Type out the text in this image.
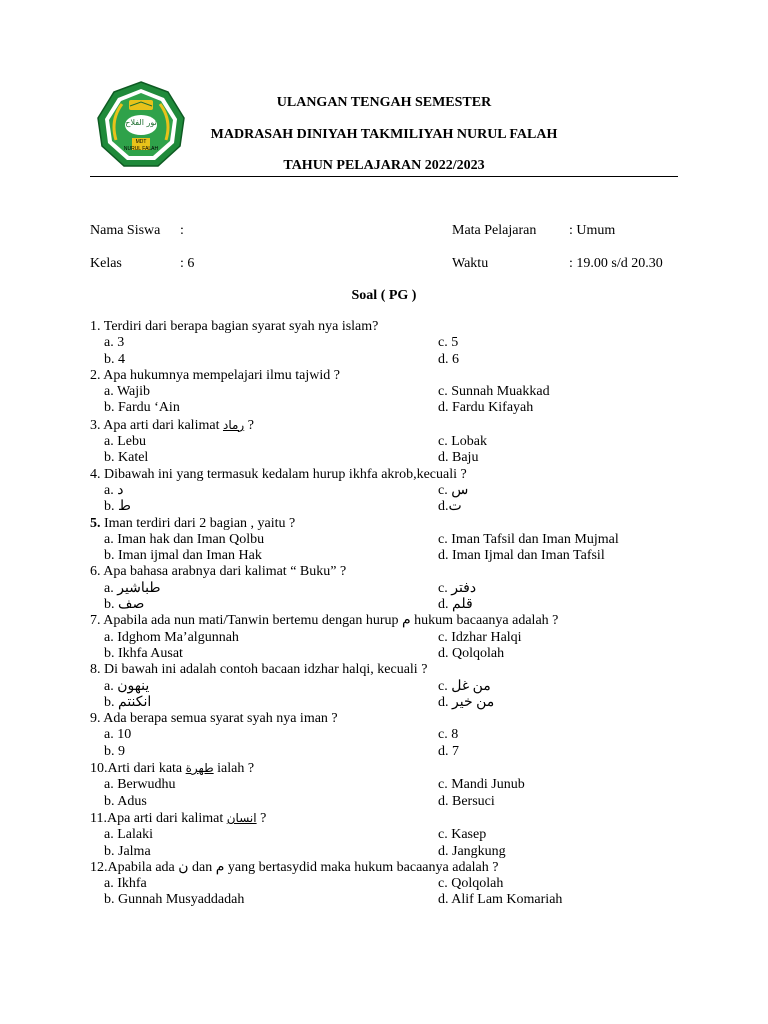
نور الفلاح
MDT
NURUL FALAH
ULANGAN TENGAH SEMESTER
MADRASAH DINIYAH TAKMILIYAH NURUL FALAH
TAHUN PELAJARAN 2022/2023
Nama Siswa :
Kelas	: 6
Mata Pelajaran : Umum
Waktu	: 19.00 s/d 20.30
Soal ( PG )
1. Terdiri dari berapa bagian syarat syah nya islam?
a. 3	c. 5
b. 4	d. 6
2. Apa hukumnya mempelajari ilmu tajwid ?
a. Wajib	c. Sunnah Muakkad
b. Fardu ‘Ain	d. Fardu Kifayah
3. Apa arti dari kalimat رماد ?
a. Lebu	c. Lobak
b. Katel	d. Baju
4. Dibawah ini yang termasuk kedalam hurup ikhfa akrob,kecuali ?
a. د	c. س
b. ط	d.ت
5. Iman terdiri dari 2 bagian , yaitu ?
a. Iman hak dan Iman Qolbu	c. Iman Tafsil dan Iman Mujmal
b. Iman ijmal dan Iman Hak	d. Iman Ijmal dan Iman Tafsil
6. Apa bahasa arabnya dari kalimat “ Buku” ?
a. طباشير	c. دفتر
b. صف	d. قلم
7. Apabila ada nun mati/Tanwin bertemu dengan hurup م hukum bacaanya adalah ?
a. Idghom Ma’algunnah	c. Idzhar Halqi
b. Ikhfa Ausat	d. Qolqolah
8. Di bawah ini adalah contoh bacaan idzhar halqi, kecuali ?
a. ينهون	c. من غل
b. انكنتم	d. من خير
9. Ada berapa semua syarat syah nya iman ?
a. 10	c. 8
b. 9	d. 7
10.Arti dari kata طهرة ialah ?
a. Berwudhu	c. Mandi Junub
b. Adus	d. Bersuci
11.Apa arti dari kalimat انسان ?
a. Lalaki	c. Kasep
b. Jalma	d. Jangkung
12.Apabila ada ن dan م yang bertasydid maka hukum bacaanya adalah ?
a. Ikhfa	c. Qolqolah
b. Gunnah Musyaddadah	d. Alif Lam Komariah
